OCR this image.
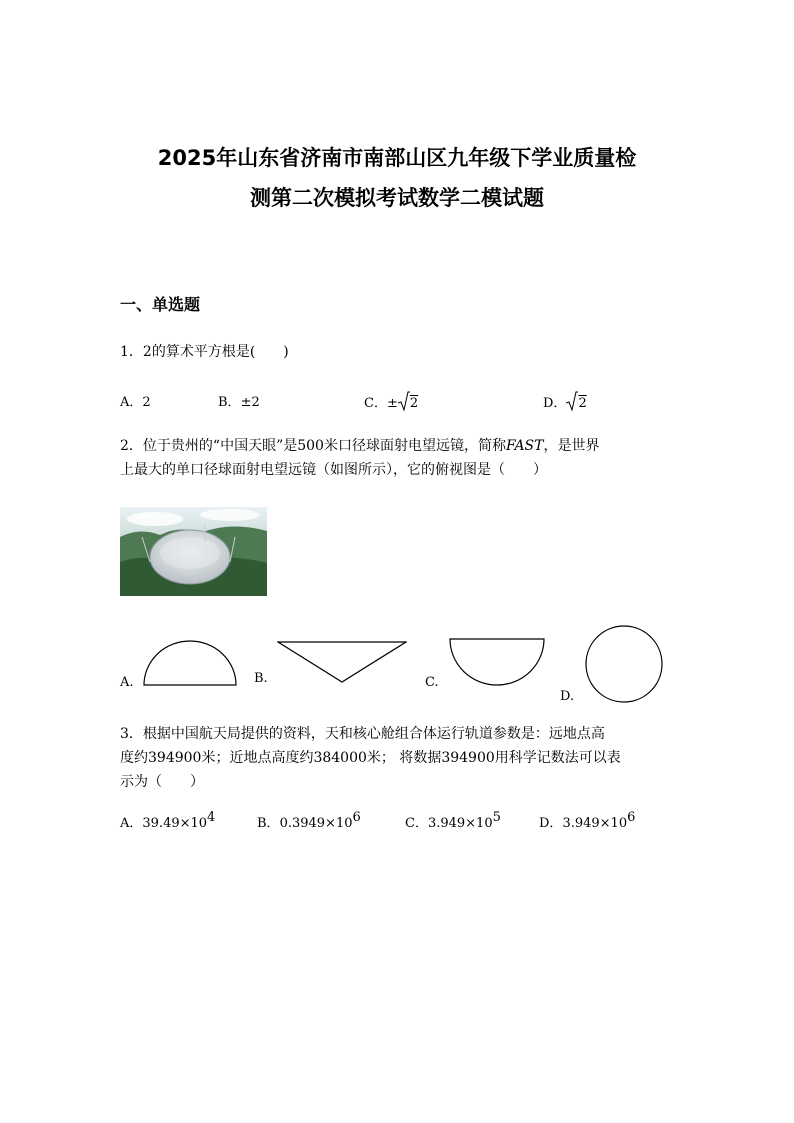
2025年山东省济南市南部山区九年级下学业质量检
测第二次模拟考试数学二模试题
一、单选题
1．2的算术平方根是(　　)
A．2	B．±2	C．± 2	D． 2
2．位于贵州的“中国天眼”是500米口径球面射电望远镜，简称FAST，是世界
上最大的单口径球面射电望远镜（如图所示），它的俯视图是（　　）
A.	B.	C.
D.
3．根据中国航天局提供的资料，天和核心舱组合体运行轨道参数是：远地点高
度约394900米；近地点高度约384000米； 将数据394900用科学记数法可以表
示为（　　）
A．$39.49\times 10^4$	B．$0.3949\times 10^6$	C．$3.949\times 10^5$	D．$3.949\times 10^6$
